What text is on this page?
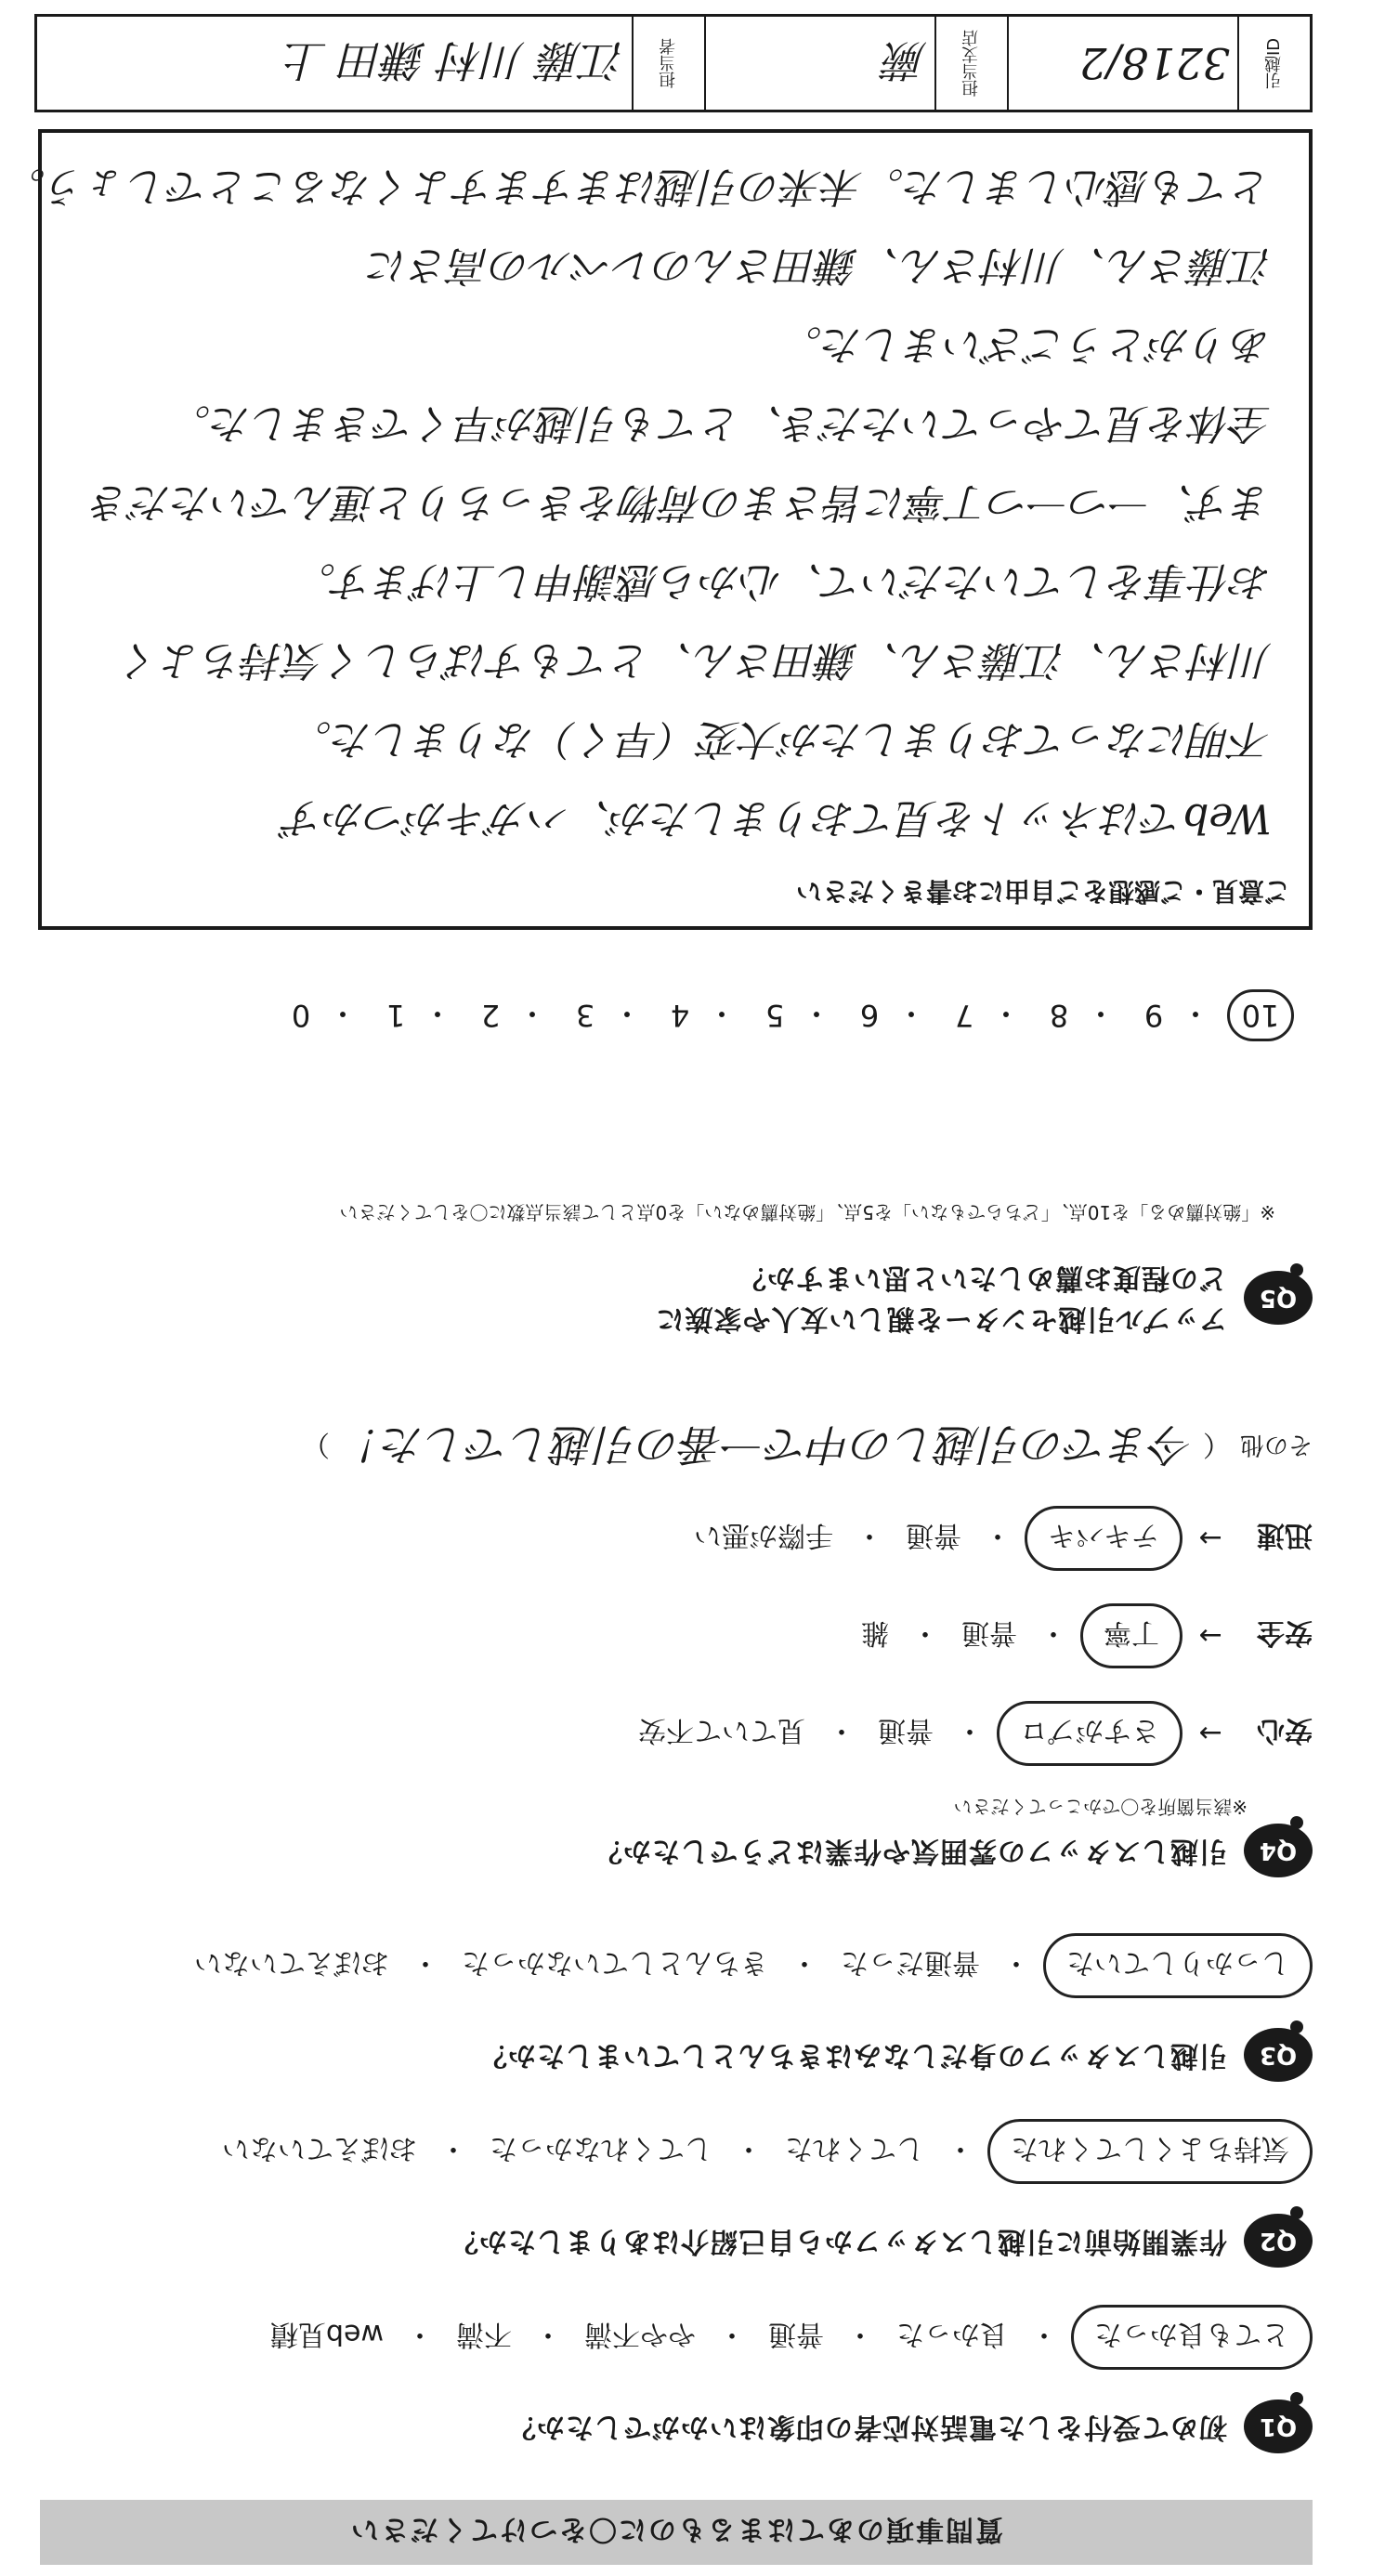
質問事項のあてはまるものに〇をつけてください
Q1
初めて受付をした電話対応者の印象はいかがでしたか？
とても良かった
・
良かった
・
普通
・
やや不満
・
不満
・
web見積
Q2
作業開始前に引越しスタッフから自己紹介はありましたか？
気持ちよくしてくれた
・
してくれた
・
してくれなかった
・
おぼえていない
Q3
引越しスタッフの身だしなみはきちんとしていましたか？
しっかりしていた
・
普通だった
・
きちんとしていなかった
・
おぼえていない
Q4
引越しスタッフの雰囲気や作業はどうでしたか？
※該当箇所を〇でかこってください
安心
→
さすがプロ
・
普通
・
見ていて不安
安全
→
丁寧
・
普通
・
雑
迅速
→
テキパキ
・
普通
・
手際が悪い
その他
（
今までの引越しの中で一番の引越しでした！
）
Q5
アップル引越センターを親しい友人や家族に
どの程度お薦めしたいと思いますか？
※「絶対薦める」を10点、「どちらでもない」を5点、「絶対薦めない」を0点として該当点数に〇をしてください
10
・
9
・
8
・
7
・
6
・
5
・
4
・
3
・
2
・
1
・
0
ご意見・ご感想をご自由にお書きください
Webではネットを見ておりましたが、ハガキがつかず
不明になっておりましたが大変（早く）なりました。
川村さん、江藤さん、鎌田さん、とてもすばらしく気持ちよく
お仕事をしていただいて、心から感謝申し上げます。
まず、一つ一つ丁寧に皆さまの荷物をきっちりと運んでいただき
全体を見てやっていただき、とても引越が早くできました。
ありがとうございました。
江藤さん、川村さん、鎌田さんのレベルの高さに
とても感心しました。未来の引越はますますよくなることでしょう。
引越ID
3218/2
担当支店
蕨
担当者
江藤 川村 鎌田 上
